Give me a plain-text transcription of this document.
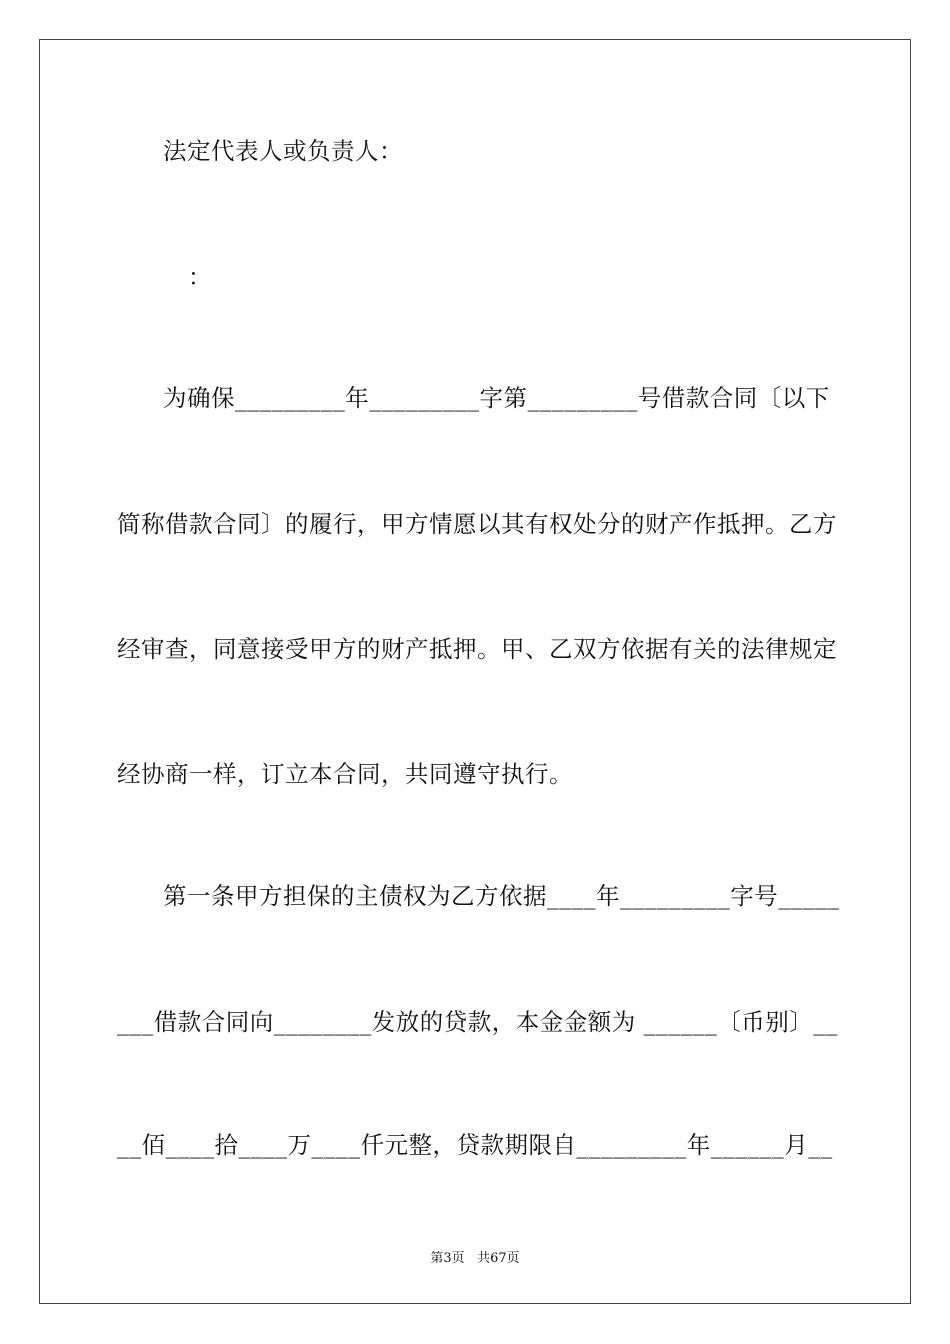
法定代表人或负责人：
：
为确保_________年_________字第_________号借款合同〔以下
简称借款合同〕的履行，甲方情愿以其有权处分的财产作抵押。乙方
经审查，同意接受甲方的财产抵押。甲、乙双方依据有关的法律规定
经协商一样，订立本合同，共同遵守执行。
第一条甲方担保的主债权为乙方依据____年_________字号_____
___借款合同向________发放的贷款，本金金额为 ______〔币别〕__
__佰____拾____万____仟元整，贷款期限自_________年______月__
第3页 共67页
